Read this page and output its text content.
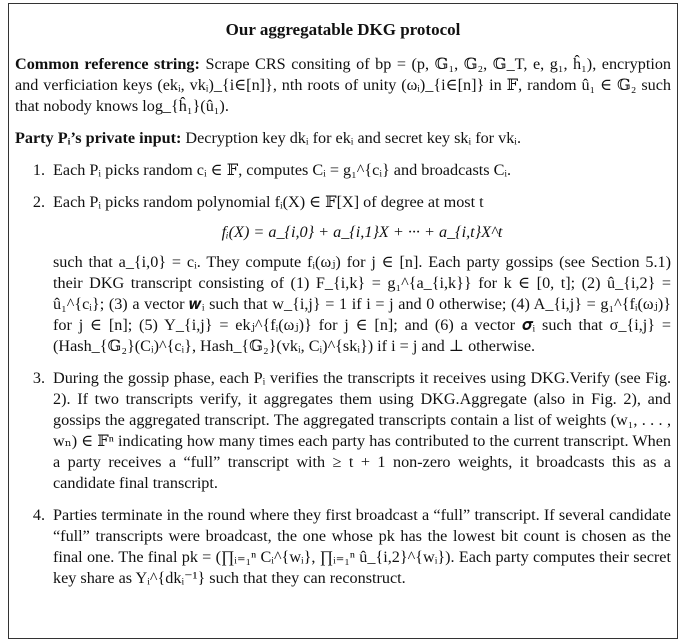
Our aggregatable DKG protocol

Common reference string: Scrape CRS consiting of bp = (p, 𝔾₁, 𝔾₂, 𝔾_T, e, g₁, ĥ₁), encryption and verficiation keys (ekᵢ, vkᵢ)_{i∈[n]}, nth roots of unity (ωᵢ)_{i∈[n]} in 𝔽, random û₁ ∈ 𝔾₂ such that nobody knows log_{ĥ₁}(û₁).

Party Pᵢ’s private input: Decryption key dkᵢ for ekᵢ and secret key skᵢ for vkᵢ.

1. Each Pᵢ picks random cᵢ ∈ 𝔽, computes Cᵢ = g₁^{cᵢ} and broadcasts Cᵢ.
2. Each Pᵢ picks random polynomial fᵢ(X) ∈ 𝔽[X] of degree at most t
fᵢ(X) = a_{i,0} + a_{i,1}X + ··· + a_{i,t}X^t
such that a_{i,0} = cᵢ. They compute fᵢ(ωⱼ) for j ∈ [n]. Each party gossips (see Section 5.1) their DKG transcript consisting of (1) F_{i,k} = g₁^{a_{i,k}} for k ∈ [0, t]; (2) û_{i,2} = û₁^{cᵢ}; (3) a vector 𝒘ᵢ such that w_{i,j} = 1 if i = j and 0 otherwise; (4) A_{i,j} = g₁^{fᵢ(ωⱼ)} for j ∈ [n]; (5) Y_{i,j} = ekⱼ^{fᵢ(ωⱼ)} for j ∈ [n]; and (6) a vector 𝝈ᵢ such that σ_{i,j} = (Hash_{𝔾₂}(Cᵢ)^{cᵢ}, Hash_{𝔾₂}(vkᵢ, Cᵢ)^{skᵢ}) if i = j and ⊥ otherwise.
3. During the gossip phase, each Pᵢ verifies the transcripts it receives using DKG.Verify (see Fig. 2). If two transcripts verify, it aggregates them using DKG.Aggregate (also in Fig. 2), and gossips the aggregated transcript. The aggregated transcripts contain a list of weights (w₁, . . . , wₙ) ∈ 𝔽ⁿ indicating how many times each party has contributed to the current transcript. When a party receives a “full” transcript with ≥ t + 1 non-zero weights, it broadcasts this as a candidate final transcript.
4. Parties terminate in the round where they first broadcast a “full” transcript. If several candidate “full” transcripts were broadcast, the one whose pk has the lowest bit count is chosen as the final one. The final pk = (∏ᵢ₌₁ⁿ Cᵢ^{wᵢ}, ∏ᵢ₌₁ⁿ û_{i,2}^{wᵢ}). Each party computes their secret key share as Yᵢ^{dkᵢ⁻¹} such that they can reconstruct.
